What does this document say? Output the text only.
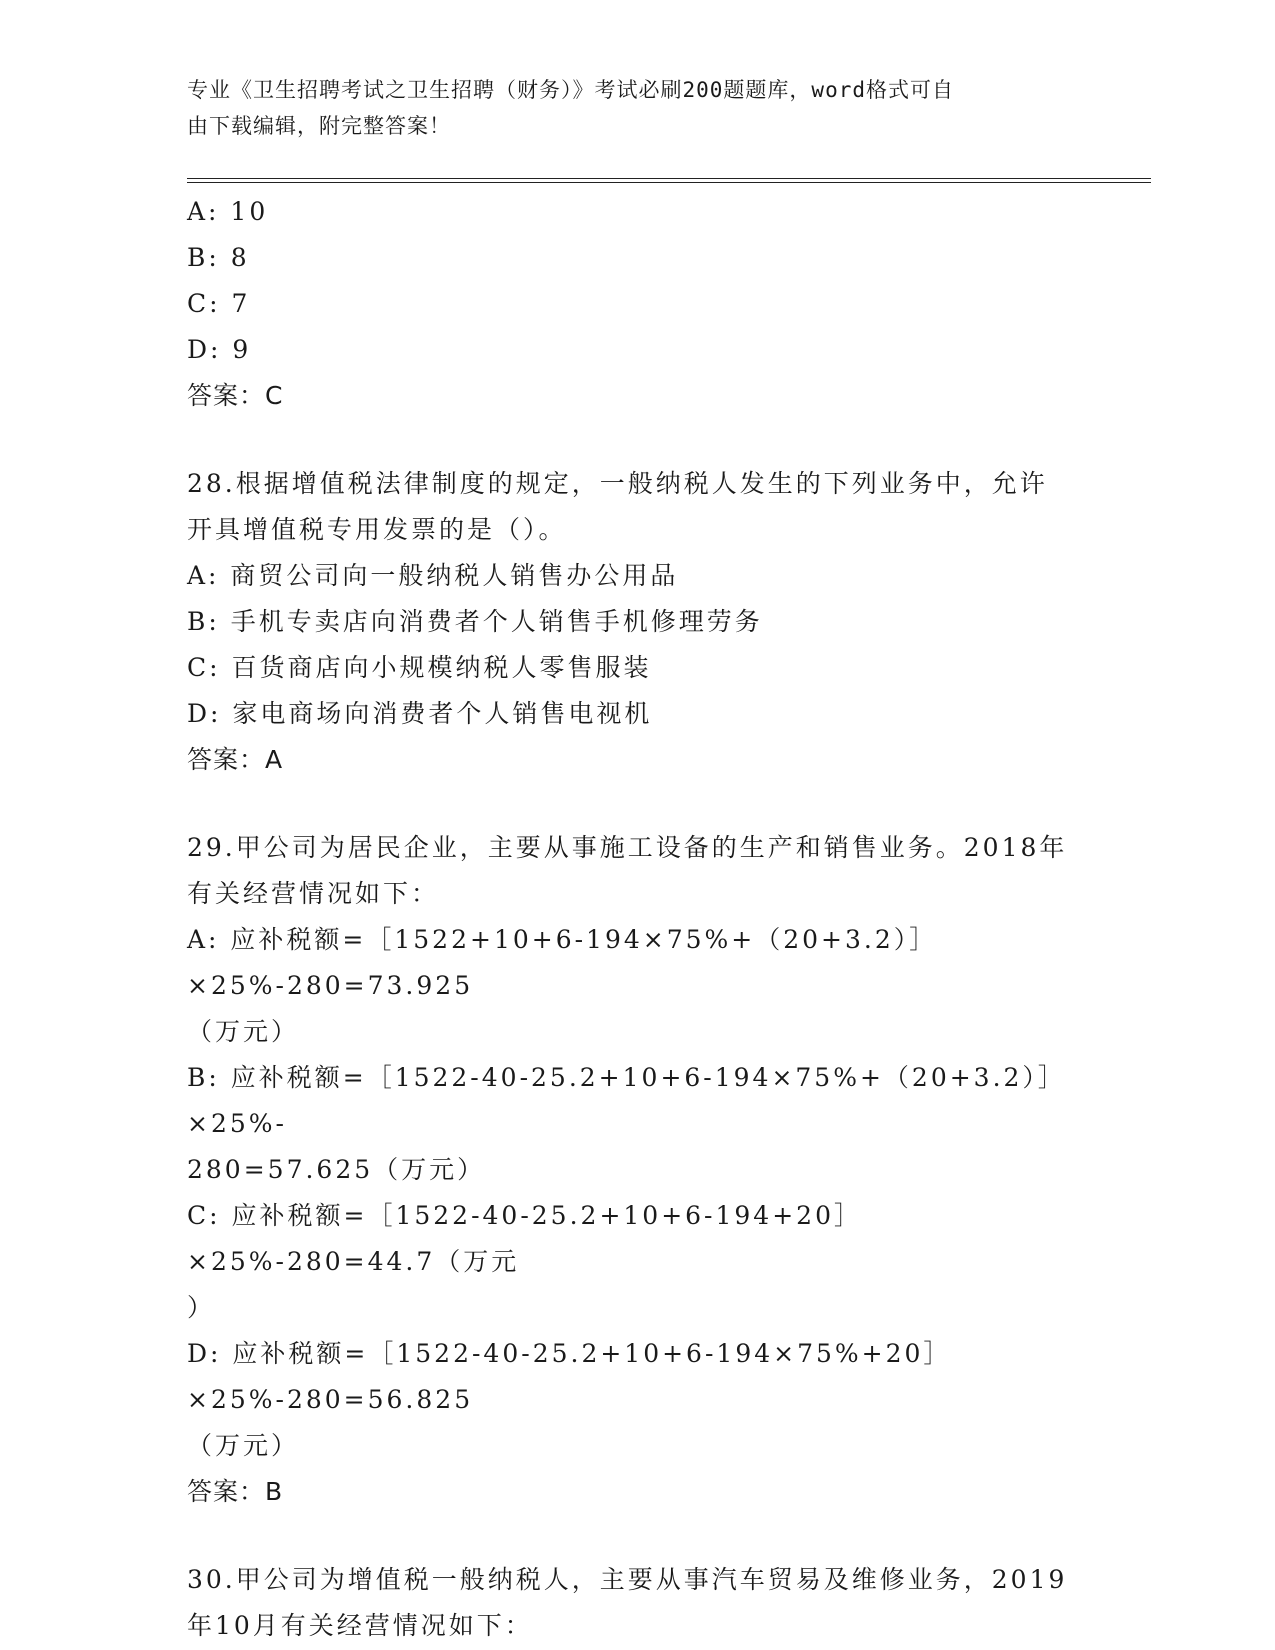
专业《卫生招聘考试之卫生招聘（财务）》考试必刷200题题库，word格式可自
由下载编辑，附完整答案！
A: 10
B: 8
C: 7
D: 9
答案：C
28.根据增值税法律制度的规定，一般纳税人发生的下列业务中，允许
开具增值税专用发票的是（）。
A: 商贸公司向一般纳税人销售办公用品
B: 手机专卖店向消费者个人销售手机修理劳务
C: 百货商店向小规模纳税人零售服装
D: 家电商场向消费者个人销售电视机
答案：A
29.甲公司为居民企业，主要从事施工设备的生产和销售业务。2018年
有关经营情况如下：
A: 应补税额=［1522+10+6-194×75%+（20+3.2）］×25%-280=73.925
（万元）
B: 应补税额=［1522-40-25.2+10+6-194×75%+（20+3.2）］×25%-
280=57.625（万元）
C: 应补税额=［1522-40-25.2+10+6-194+20］×25%-280=44.7（万元
）
D: 应补税额=［1522-40-25.2+10+6-194×75%+20］×25%-280=56.825
（万元）
答案：B
30.甲公司为增值税一般纳税人，主要从事汽车贸易及维修业务，2019
年10月有关经营情况如下：
